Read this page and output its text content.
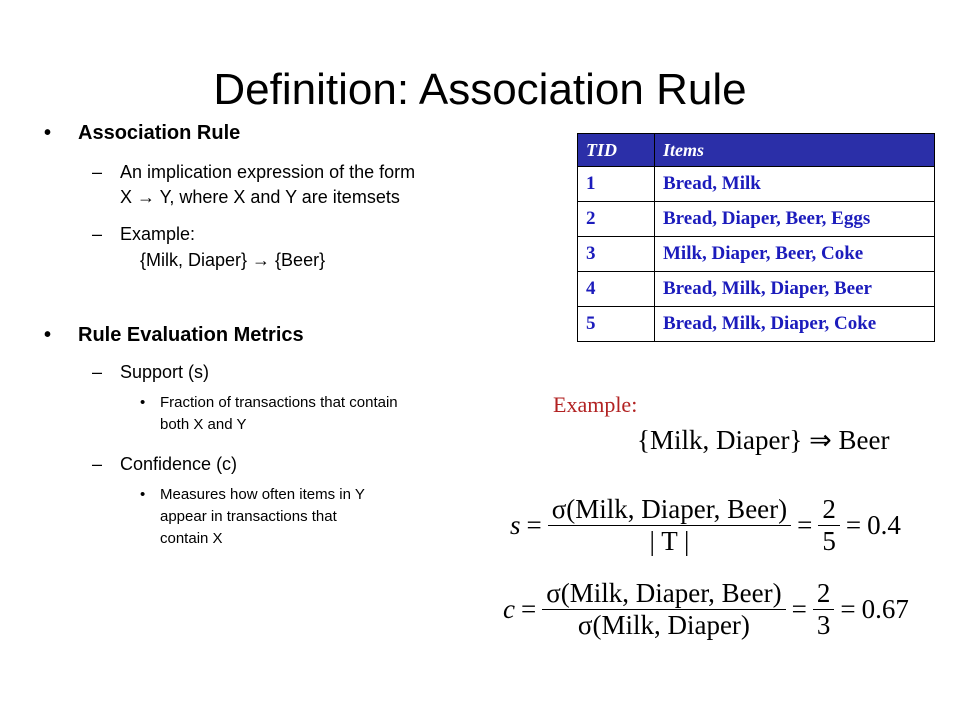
Definition: Association Rule
• Association Rule
– An implication expression of the form
X → Y, where X and Y are itemsets
– Example:
{Milk, Diaper} → {Beer}
• Rule Evaluation Metrics
– Support (s)
• Fraction of transactions that contain
both X and Y
– Confidence (c)
• Measures how often items in Y
appear in transactions that
contain X
TID	Items
1	Bread, Milk
2	Bread, Diaper, Beer, Eggs
3	Milk, Diaper, Beer, Coke
4	Bread, Milk, Diaper, Beer
5	Bread, Milk, Diaper, Coke
Example:
{Milk, Diaper} ⇒ Beer
$s = \frac{\text{σ(Milk, Diaper, Beer)}}{| T |} = \frac{2}{5} = 0.4$
$c = \frac{\text{σ(Milk, Diaper, Beer)}}{\text{σ(Milk, Diaper)}} = \frac{2}{3} = 0.67$
